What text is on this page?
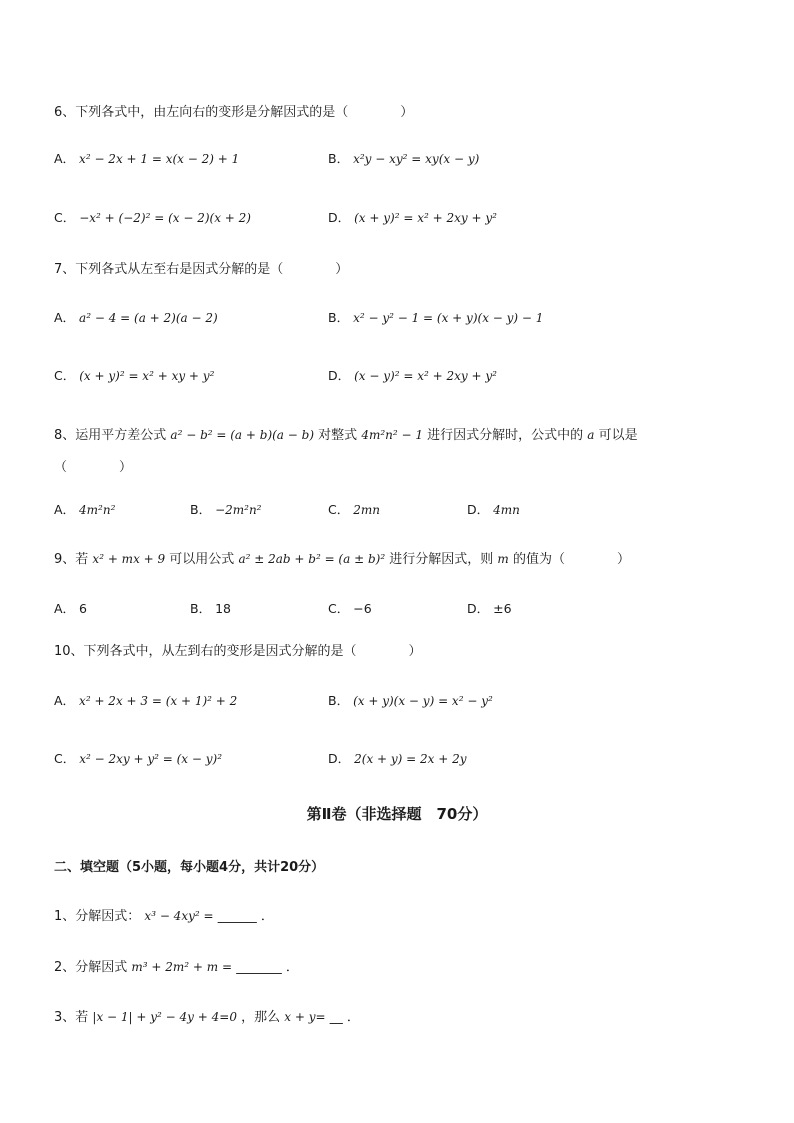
6、下列各式中，由左向右的变形是分解因式的是（　　　　）
A． x² − 2x + 1 = x(x − 2) + 1	B． x²y − xy² = xy(x − y)
C． −x² + (−2)² = (x − 2)(x + 2)	D． (x + y)² = x² + 2xy + y²
7、下列各式从左至右是因式分解的是（　　　　）
A． a² − 4 = (a + 2)(a − 2)	B． x² − y² − 1 = (x + y)(x − y) − 1
C． (x + y)² = x² + xy + y²	D． (x − y)² = x² + 2xy + y²
8、运用平方差公式 a² − b² = (a + b)(a − b) 对整式 4m²n² − 1 进行因式分解时，公式中的 a 可以是
（　　　　）
A． 4m²n²	B． −2m²n²	C． 2mn	D． 4mn
9、若 x² + mx + 9 可以用公式 a² ± 2ab + b² = (a ± b)² 进行分解因式，则 m 的值为（　　　　）
A． 6	B． 18	C． −6	D． ±6
10、下列各式中，从左到右的变形是因式分解的是（　　　　）
A． x² + 2x + 3 = (x + 1)² + 2	B． (x + y)(x − y) = x² − y²
C． x² − 2xy + y² = (x − y)²	D． 2(x + y) = 2x + 2y
第Ⅱ卷（非选择题　70分）
二、填空题（5小题，每小题4分，共计20分）
1、分解因式： x³ − 4xy² = ______ ．
2、分解因式 m³ + 2m² + m = _______ ．
3、若 |x − 1| + y² − 4y + 4=0 ，那么 x + y= __ ．
